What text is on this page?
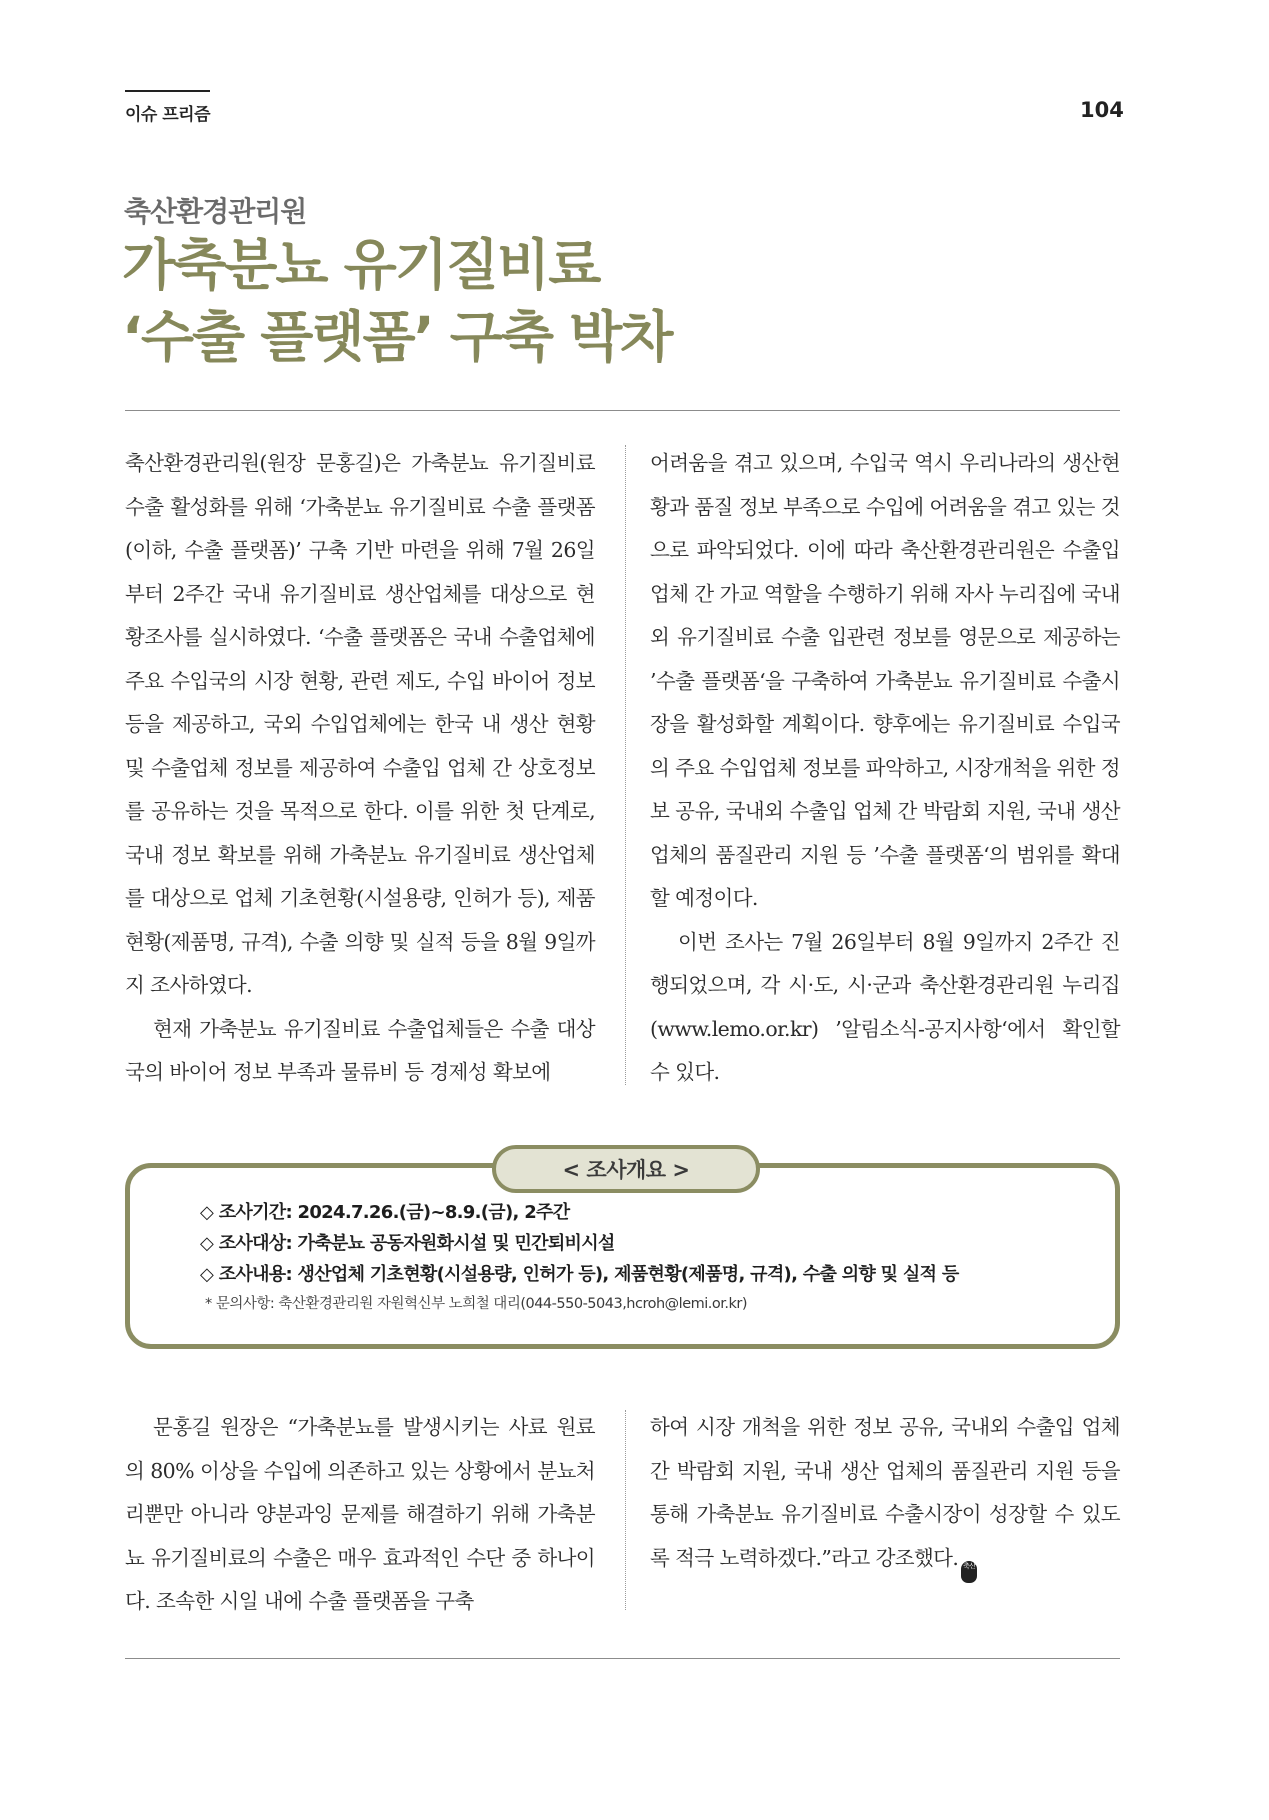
이슈 프리즘	104
축산환경관리원
가축분뇨 유기질비료
‘수출 플랫폼’ 구축 박차

축산환경관리원(원장 문홍길)은 가축분뇨 유기질비료 수출 활성화를 위해 ‘가축분뇨 유기질비료 수출 플랫폼(이하, 수출 플랫폼)’ 구축 기반 마련을 위해 7월 26일부터 2주간 국내 유기질비료 생산업체를 대상으로 현황조사를 실시하였다. ‘수출 플랫폼은 국내 수출업체에 주요 수입국의 시장 현황, 관련 제도, 수입 바이어 정보 등을 제공하고, 국외 수입업체에는 한국 내 생산 현황 및 수출업체 정보를 제공하여 수출입 업체 간 상호정보를 공유하는 것을 목적으로 한다. 이를 위한 첫 단계로, 국내 정보 확보를 위해 가축분뇨 유기질비료 생산업체를 대상으로 업체 기초현황(시설용량, 인허가 등), 제품 현황(제품명, 규격), 수출 의향 및 실적 등을 8월 9일까지 조사하였다.

현재 가축분뇨 유기질비료 수출업체들은 수출 대상국의 바이어 정보 부족과 물류비 등 경제성 확보에

어려움을 겪고 있으며, 수입국 역시 우리나라의 생산현황과 품질 정보 부족으로 수입에 어려움을 겪고 있는 것으로 파악되었다. 이에 따라 축산환경관리원은 수출입 업체 간 가교 역할을 수행하기 위해 자사 누리집에 국내외 유기질비료 수출 입관련 정보를 영문으로 제공하는 ’수출 플랫폼‘을 구축하여 가축분뇨 유기질비료 수출시장을 활성화할 계획이다. 향후에는 유기질비료 수입국의 주요 수입업체 정보를 파악하고, 시장개척을 위한 정보 공유, 국내외 수출입 업체 간 박람회 지원, 국내 생산 업체의 품질관리 지원 등 ’수출 플랫폼‘의 범위를 확대할 예정이다.

이번 조사는 7월 26일부터 8월 9일까지 2주간 진행되었으며, 각 시·도, 시·군과 축산환경관리원 누리집(www.lemo.or.kr) ’알림소식-공지사항‘에서 확인할 수 있다.

< 조사개요 >
◇ 조사기간: 2024.7.26.(금)~8.9.(금), 2주간
◇ 조사대상: 가축분뇨 공동자원화시설 및 민간퇴비시설
◇ 조사내용: 생산업체 기초현황(시설용량, 인허가 등), 제품현황(제품명, 규격), 수출 의향 및 실적 등
* 문의사항: 축산환경관리원 자원혁신부 노희철 대리(044-550-5043,hcroh@lemi.or.kr)

문홍길 원장은 “가축분뇨를 발생시키는 사료 원료의 80% 이상을 수입에 의존하고 있는 상황에서 분뇨처리뿐만 아니라 양분과잉 문제를 해결하기 위해 가축분뇨 유기질비료의 수출은 매우 효과적인 수단 중 하나이다. 조속한 시일 내에 수출 플랫폼을 구축

하여 시장 개척을 위한 정보 공유, 국내외 수출입 업체 간 박람회 지원, 국내 생산 업체의 품질관리 지원 등을 통해 가축분뇨 유기질비료 수출시장이 성장할 수 있도록 적극 노력하겠다.”라고 강조했다. 축산
